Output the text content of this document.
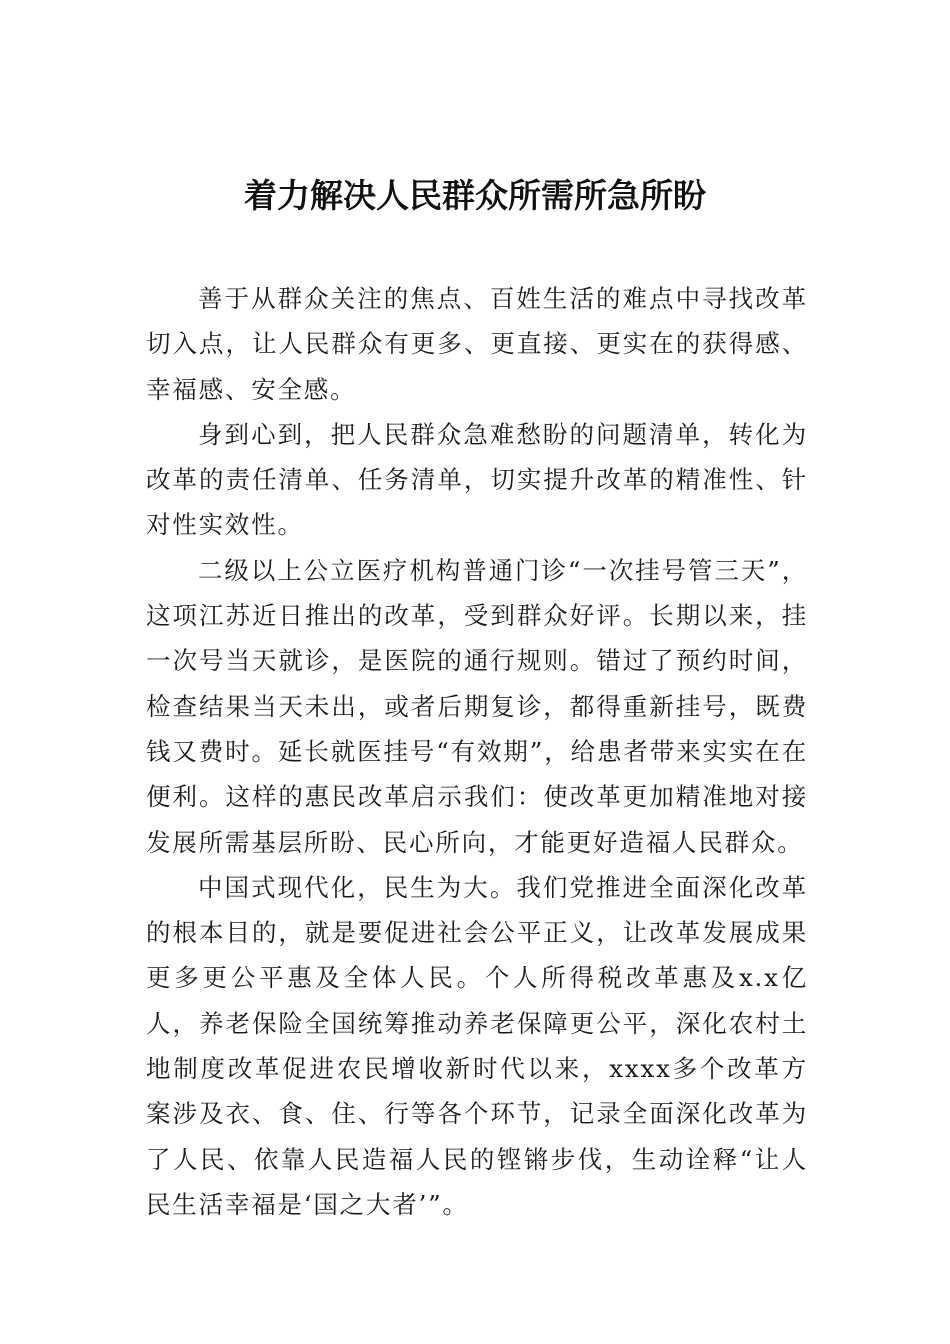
着力解决人民群众所需所急所盼

善于从群众关注的焦点、百姓生活的难点中寻找改革切入点，让人民群众有更多、更直接、更实在的获得感、幸福感、安全感。

身到心到，把人民群众急难愁盼的问题清单，转化为改革的责任清单、任务清单，切实提升改革的精准性、针对性实效性。

二级以上公立医疗机构普通门诊“一次挂号管三天”，这项江苏近日推出的改革，受到群众好评。长期以来，挂一次号当天就诊，是医院的通行规则。错过了预约时间，检查结果当天未出，或者后期复诊，都得重新挂号，既费钱又费时。延长就医挂号“有效期”，给患者带来实实在在便利。这样的惠民改革启示我们：使改革更加精准地对接发展所需基层所盼、民心所向，才能更好造福人民群众。

中国式现代化，民生为大。我们党推进全面深化改革的根本目的，就是要促进社会公平正义，让改革发展成果更多更公平惠及全体人民。个人所得税改革惠及x.x亿人，养老保险全国统筹推动养老保障更公平，深化农村土地制度改革促进农民增收新时代以来，xxxx多个改革方案涉及衣、食、住、行等各个环节，记录全面深化改革为了人民、依靠人民造福人民的铿锵步伐，生动诠释“让人民生活幸福是‘国之大者’”。
